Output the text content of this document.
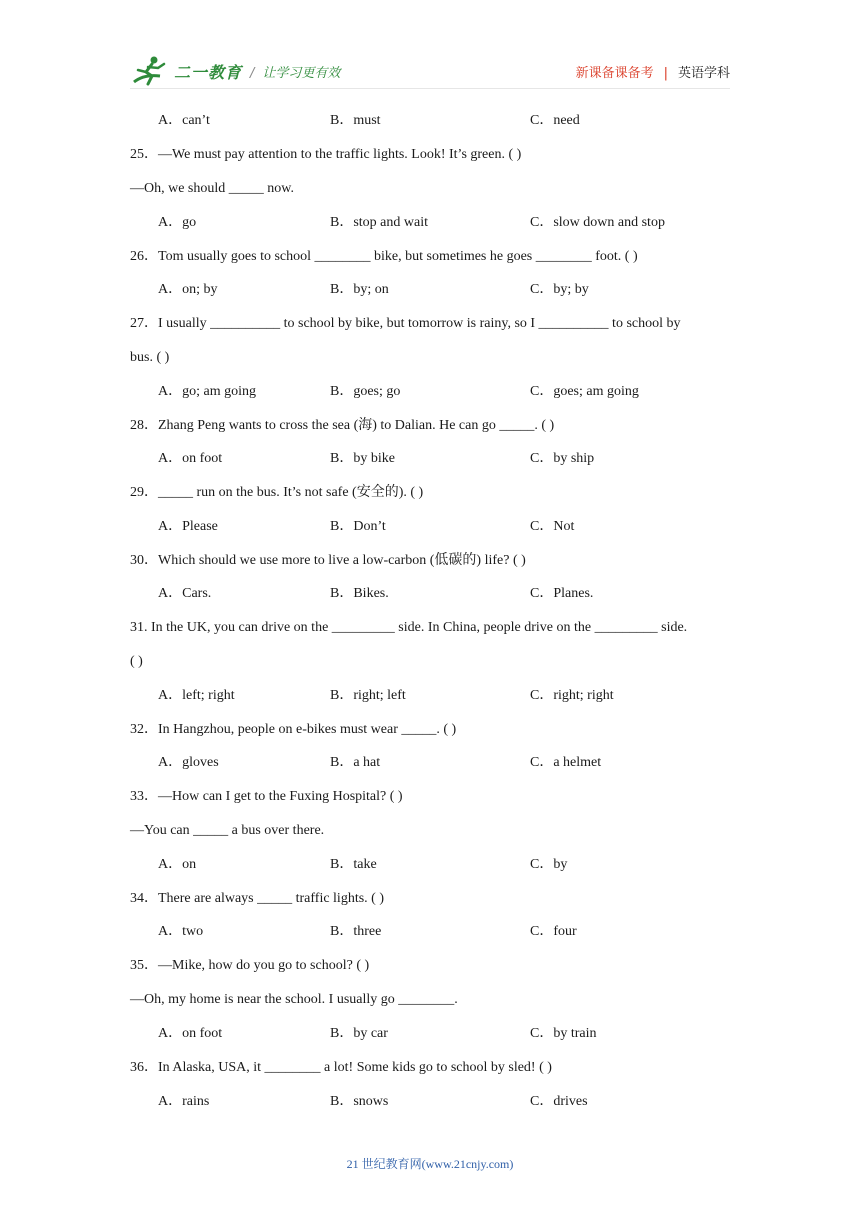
二一教育 / 让学习更有效	新课备课备考 | 英语学科
A．can’t	B．must	C．need
25．—We must pay attention to the traffic lights. Look! It’s green. ( )
—Oh, we should _____ now.
A．go	B．stop and wait	C．slow down and stop
26．Tom usually goes to school ________ bike, but sometimes he goes ________ foot. ( )
A．on; by	B．by; on	C．by; by
27．I usually __________ to school by bike, but tomorrow is rainy, so I __________ to school by
bus. ( )
A．go; am going	B．goes; go	C．goes; am going
28．Zhang Peng wants to cross the sea (海) to Dalian. He can go _____. ( )
A．on foot	B．by bike	C．by ship
29．_____ run on the bus. It’s not safe (安全的). ( )
A．Please	B．Don’t	C．Not
30．Which should we use more to live a low-carbon (低碳的) life? ( )
A．Cars.	B．Bikes.	C．Planes.
31. In the UK, you can drive on the _________ side. In China, people drive on the _________ side.
( )
A．left; right	B．right; left	C．right; right
32．In Hangzhou, people on e-bikes must wear _____. ( )
A．gloves	B．a hat	C．a helmet
33．—How can I get to the Fuxing Hospital? ( )
—You can _____ a bus over there.
A．on	B．take	C．by
34．There are always _____ traffic lights. ( )
A．two	B．three	C．four
35．—Mike, how do you go to school? ( )
—Oh, my home is near the school. I usually go ________.
A．on foot	B．by car	C．by train
36．In Alaska, USA, it ________ a lot! Some kids go to school by sled! ( )
A．rains	B．snows	C．drives
21 世纪教育网(www.21cnjy.com)
